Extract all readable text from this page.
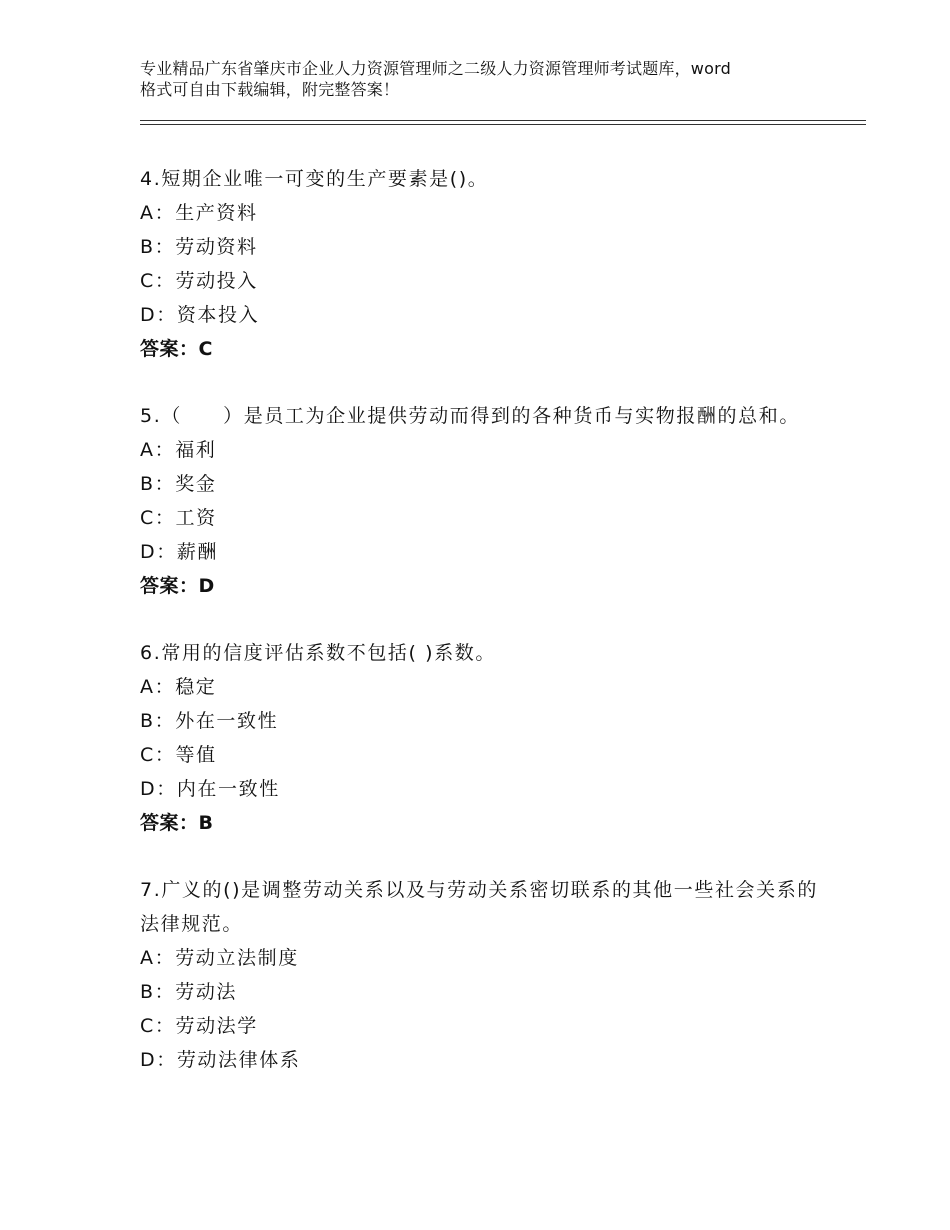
专业精品广东省肇庆市企业人力资源管理师之二级人力资源管理师考试题库，word
格式可自由下载编辑，附完整答案！
4.短期企业唯一可变的生产要素是()。
A：生产资料
B：劳动资料
C：劳动投入
D：资本投入
答案：C
5.（　　）是员工为企业提供劳动而得到的各种货币与实物报酬的总和。
A：福利
B：奖金
C：工资
D：薪酬
答案：D
6.常用的信度评估系数不包括( )系数。
A：稳定
B：外在一致性
C：等值
D：内在一致性
答案：B
7.广义的()是调整劳动关系以及与劳动关系密切联系的其他一些社会关系的法律规范。
A：劳动立法制度
B：劳动法
C：劳动法学
D：劳动法律体系
